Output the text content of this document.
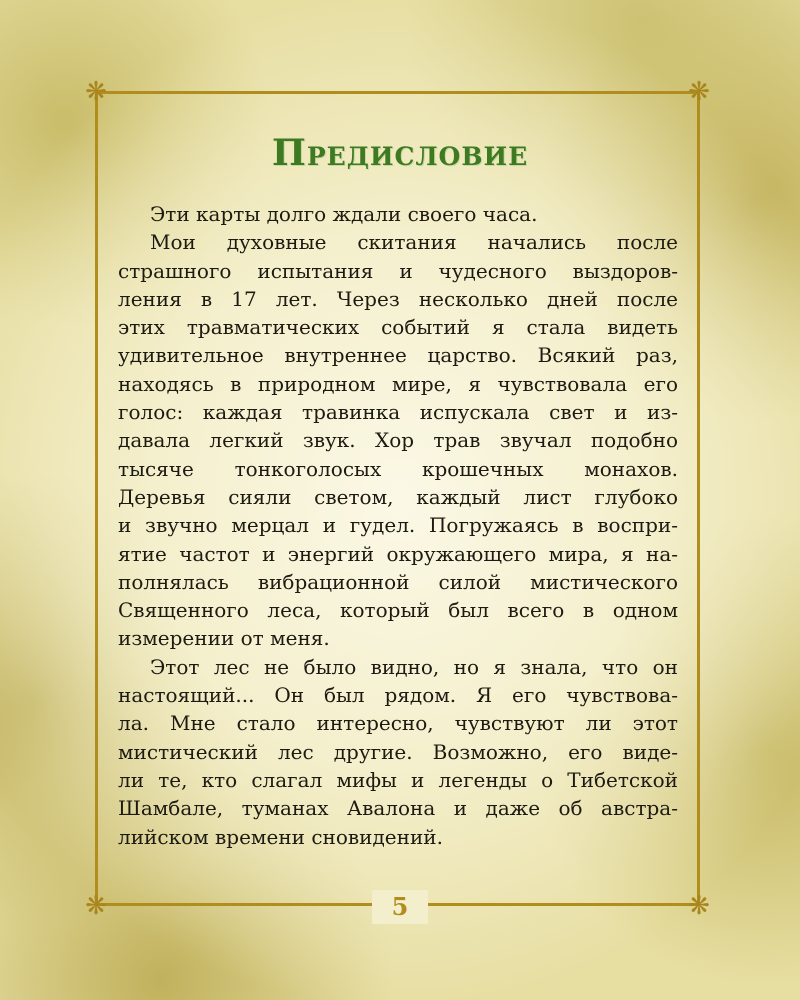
❋	❋
❋	❋
5
Предисловие

Эти карты долго ждали своего часа.

Мои духовные скитания начались после

страшного испытания и чудесного выздоров-

ления в 17 лет. Через несколько дней после

этих травматических событий я стала видеть

удивительное внутреннее царство. Всякий раз,

находясь в природном мире, я чувствовала его

голос: каждая травинка испускала свет и из-

давала легкий звук. Хор трав звучал подобно

тысяче тонкоголосых крошечных монахов.

Деревья сияли светом, каждый лист глубоко

и звучно мерцал и гудел. Погружаясь в воспри-

ятие частот и энергий окружающего мира, я на-

полнялась вибрационной силой мистического

Священного леса, который был всего в одном

измерении от меня.

Этот лес не было видно, но я знала, что он

настоящий... Он был рядом. Я его чувствова-

ла. Мне стало интересно, чувствуют ли этот

мистический лес другие. Возможно, его виде-

ли те, кто слагал мифы и легенды о Тибетской

Шамбале, туманах Авалона и даже об австра-

лийском времени сновидений.
